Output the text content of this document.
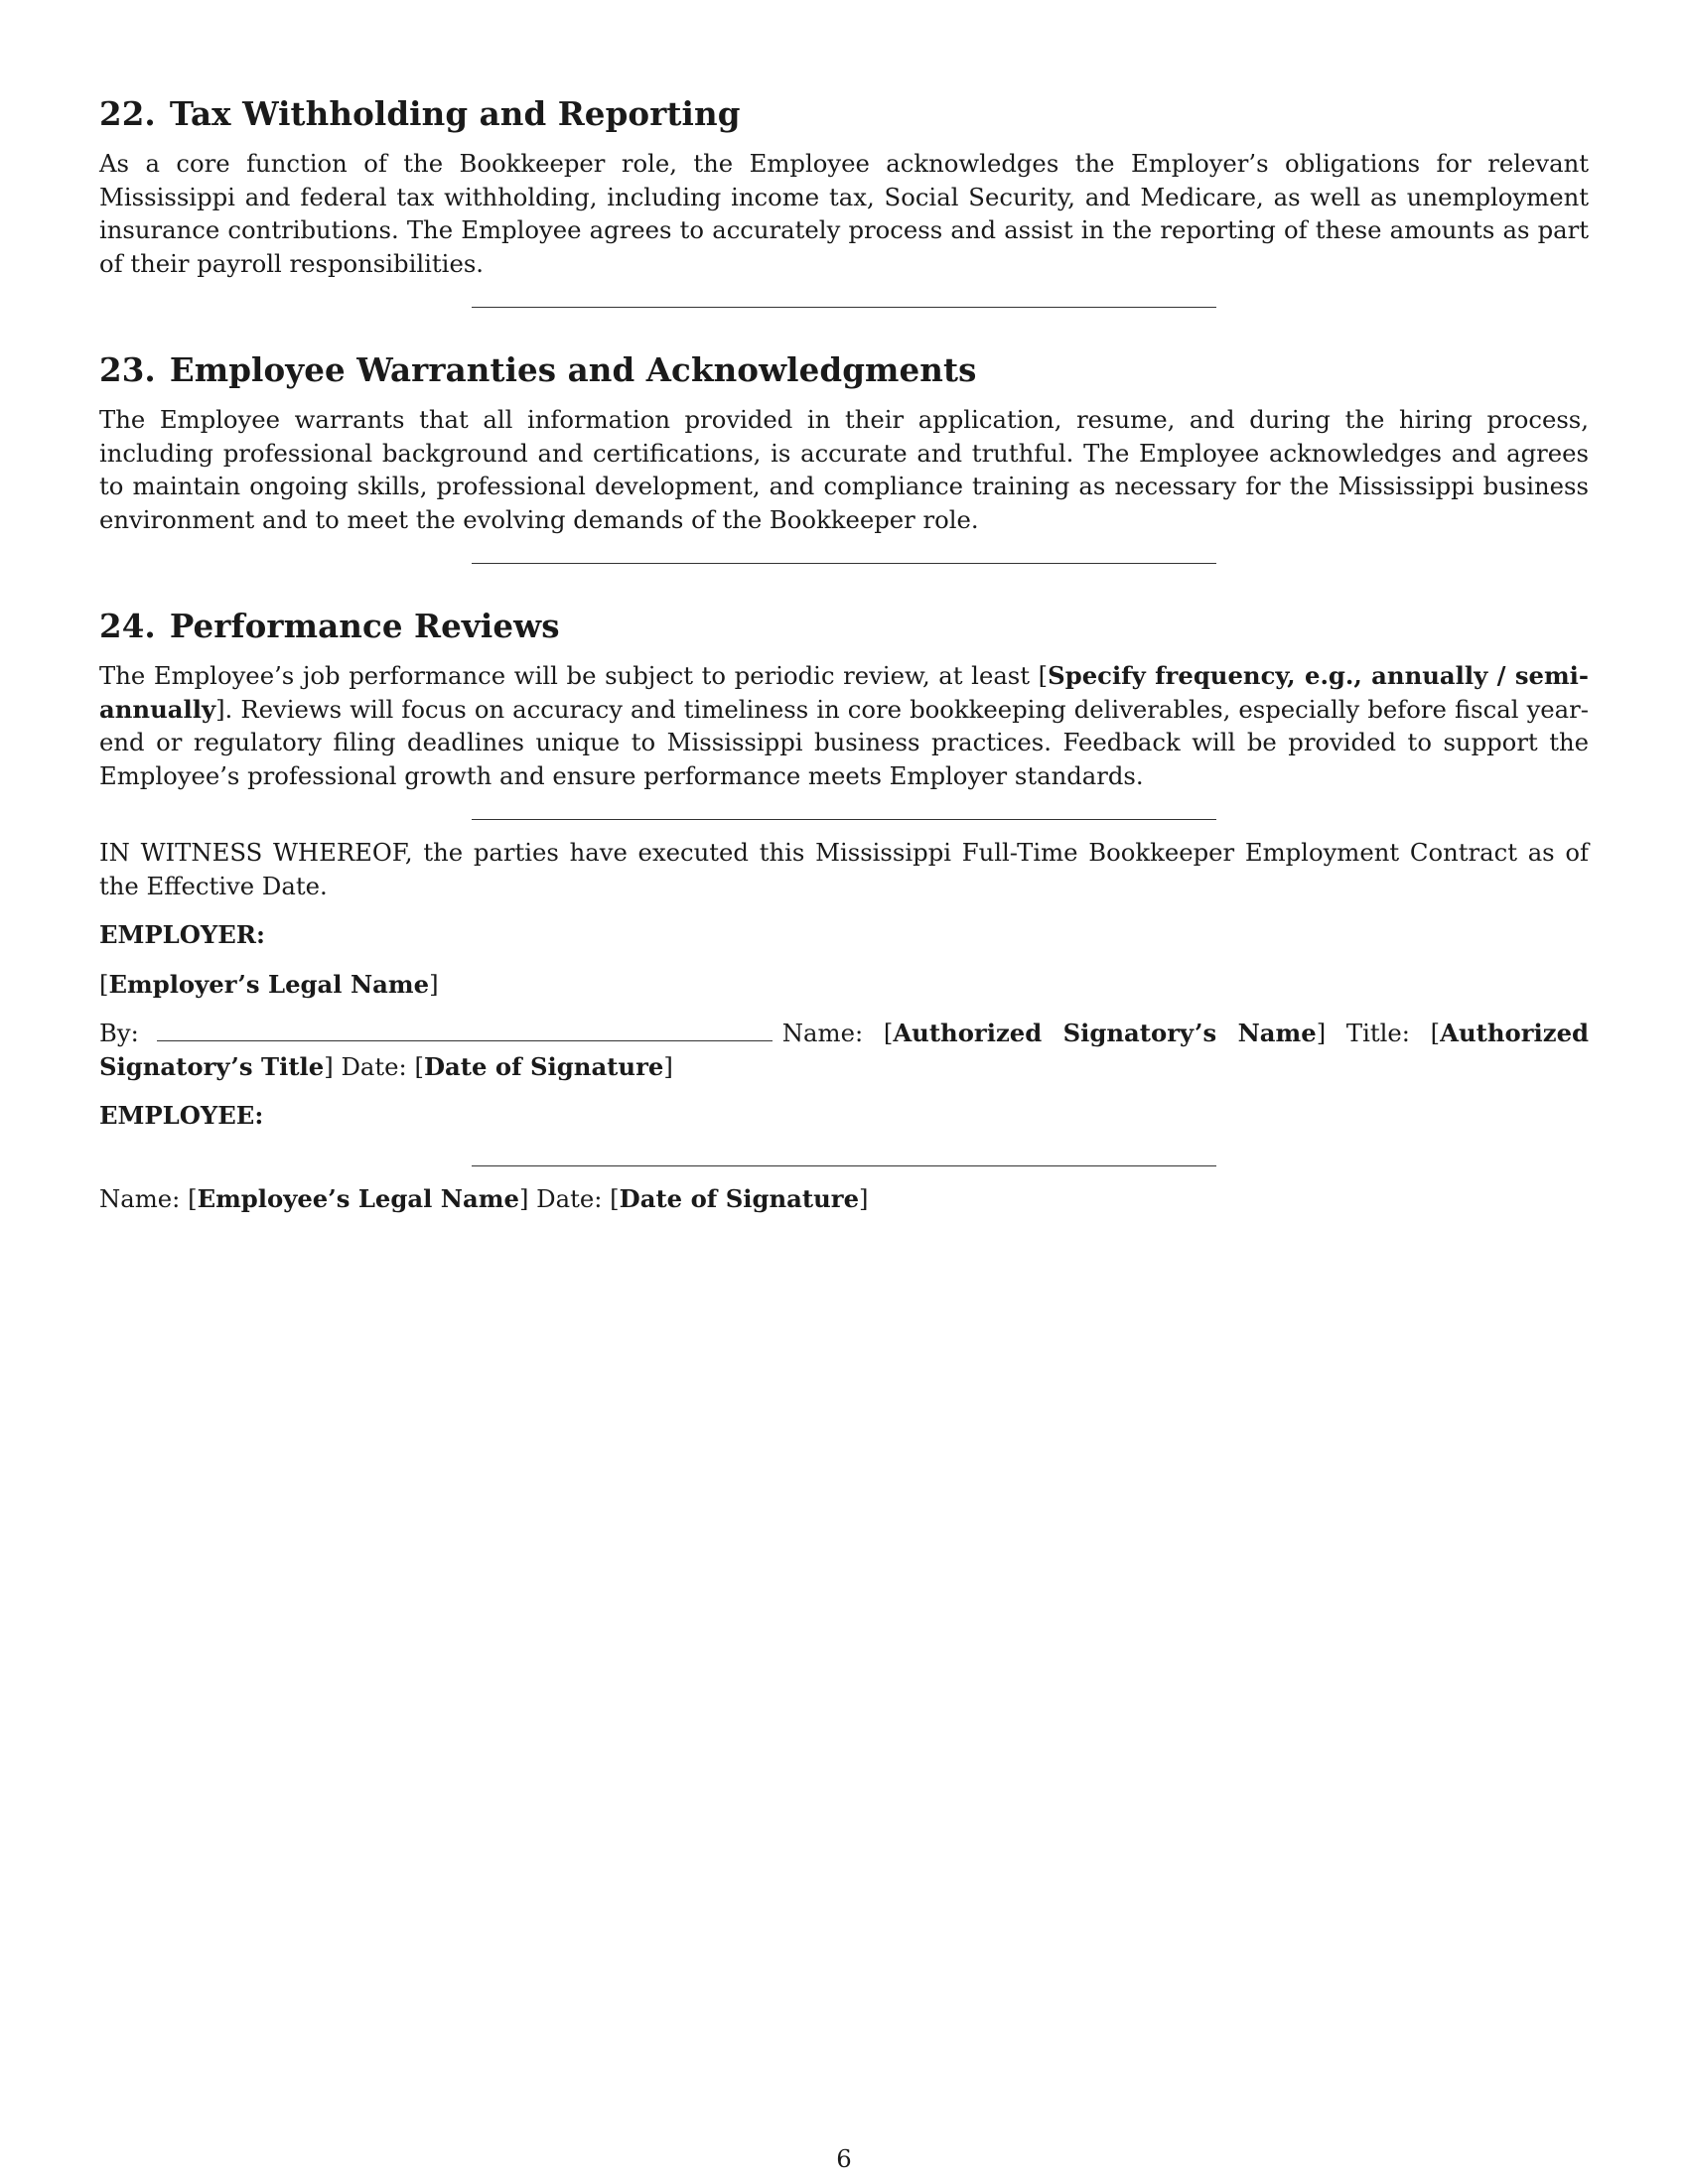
22. Tax Withholding and Reporting

As a core function of the Bookkeeper role, the Employee acknowledges the Employer’s obligations for relevant Mississippi and federal tax withholding, including income tax, Social Security, and Medicare, as well as unemployment insurance contributions. The Employee agrees to accurately process and assist in the reporting of these amounts as part of their payroll responsibilities.

23. Employee Warranties and Acknowledgments

The Employee warrants that all information provided in their application, resume, and during the hiring process, including professional background and certifications, is accurate and truthful. The Employee acknowledges and agrees to maintain ongoing skills, professional development, and compliance training as necessary for the Mississippi business environment and to meet the evolving demands of the Bookkeeper role.

24. Performance Reviews

The Employee’s job performance will be subject to periodic review, at least [Specify frequency, e.g., annually / semi-annually]. Reviews will focus on accuracy and timeliness in core bookkeeping deliverables, especially before fiscal year-end or regulatory filing deadlines unique to Mississippi business practices. Feedback will be provided to support the Employee’s professional growth and ensure performance meets Employer standards.

IN WITNESS WHEREOF, the parties have executed this Mississippi Full-Time Bookkeeper Employment Contract as of the Effective Date.

EMPLOYER:

[Employer’s Legal Name]

By:	Name: [Authorized Signatory’s Name] Title: [Authorized Signatory’s Title] Date: [Date of Signature]

EMPLOYEE:

Name: [Employee’s Legal Name] Date: [Date of Signature]

6
